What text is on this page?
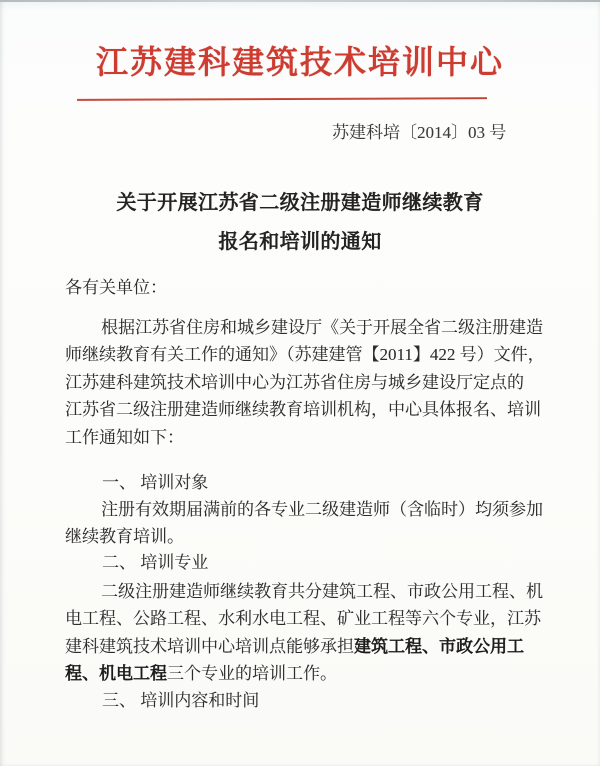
江苏建科建筑技术培训中心
苏建科培〔2014〕03 号
关于开展江苏省二级注册建造师继续教育
报名和培训的通知
各有关单位：
根据江苏省住房和城乡建设厅《关于开展全省二级注册建造
师继续教育有关工作的通知》（苏建建管【2011】422 号）文件，
江苏建科建筑技术培训中心为江苏省住房与城乡建设厅定点的
江苏省二级注册建造师继续教育培训机构，中心具体报名、培训
工作通知如下：
一、 培训对象
注册有效期届满前的各专业二级建造师（含临时）均须参加
继续教育培训。
二、 培训专业
二级注册建造师继续教育共分建筑工程、市政公用工程、机
电工程、公路工程、水利水电工程、矿业工程等六个专业，江苏
建科建筑技术培训中心培训点能够承担建筑工程、市政公用工
程、机电工程三个专业的培训工作。
三、 培训内容和时间
